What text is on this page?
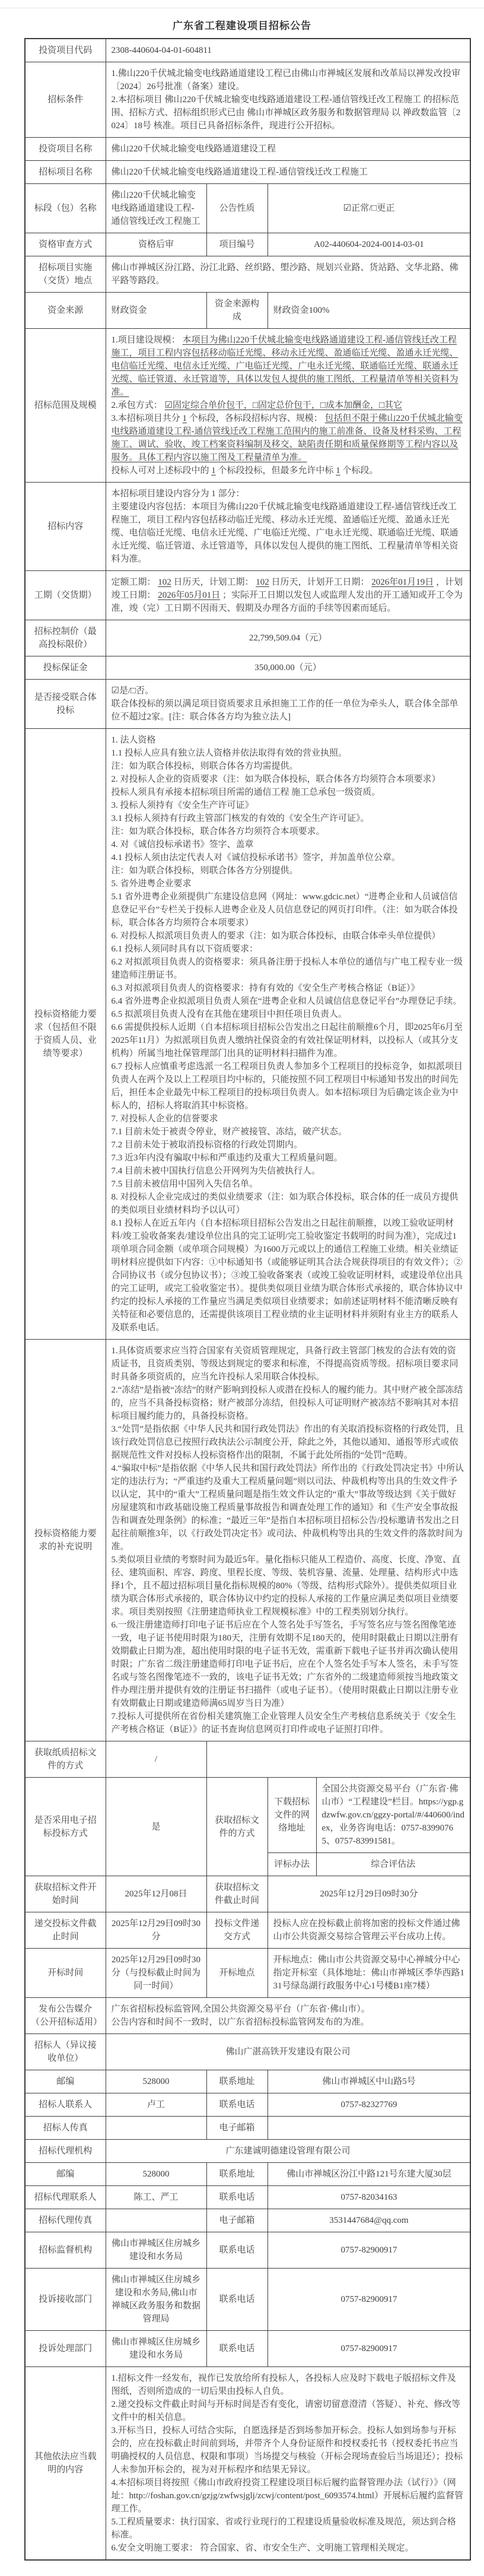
广东省工程建设项目招标公告
投资项目代码	2308-440604-04-01-604811			

招标条件	1.佛山220千伏城北输变电线路通道建设工程已由佛山市禅城区发展和改革局以禅发改投审〔2024〕26号批准（备案）建设。

2.本招标项目 佛山220千伏城北输变电线路通道建设工程-通信管线迁改工程施工 的招标范围、招标方式、招标组织形式已由 佛山市禅城区政务服务和数据管理局 以 禅政数监管〔2024〕18号 核准。项目已具备招标条件，现进行公开招标。			

投资项目名称	佛山220千伏城北输变电线路通道建设工程			

招标项目名称	佛山220千伏城北输变电线路通道建设工程-通信管线迁改工程施工			

标段（包）名称	佛山220千伏城北输变电线路通道建设工程-通信管线迁改工程施工	公告性质	☑正常/□更正	

资格审查方式	资格后审	项目编号	A02-440604-2024-0014-03-01	

招标项目实施（交货）地点	佛山市禅城区汾江路、汾江北路、丝织路、塱沙路、规划兴业路、货站路、文华北路、佛平路等路段。			

资金来源	财政资金	资金来源构成	财政资金100%	

招标范围及规模	1.项目建设规模： 本项目为佛山220千伏城北输变电线路通道建设工程-通信管线迁改工程施工，项目工程内容包括移动临迁光缆、移动永迁光缆、盈通临迁光缆、盈通永迁光缆、电信临迁光缆、电信永迁光缆、广电临迁光缆、广电永迁光缆、联通临迁光缆、联通永迁光缆、临迁管道、永迁管道等，具体以发包人提供的施工图纸、工程量清单等相关资料为准。

2.承包方式： ☑固定综合单价包干，□固定总价包干，□成本加酬金，□其它

3.本招标项目共分 1 个标段，各标段招标内容、规模： 包括但不限于佛山220千伏城北输变电线路通道建设工程-通信管线迁改工程施工范围内的施工前准备、设备及材料采购、工程施工、调试、验收、竣工档案资料编制及移交、缺陷责任期和质量保修期等工程内容以及服务。具体工程内容以施工图及工程量清单为准。

投标人可对上述标段中的 1 个标段投标，但最多允许中标 1 个标段。			

招标内容	本招标项目建设内容分为 1 部分：

主要建设内容包括：本项目为佛山220千伏城北输变电线路通道建设工程-通信管线迁改工程施工，项目工程内容包括移动临迁光缆、移动永迁光缆、盈通临迁光缆、盈通永迁光缆、电信临迁光缆、电信永迁光缆、广电临迁光缆、广电永迁光缆、联通临迁光缆、联通永迁光缆、临迁管道、永迁管道等，具体以发包人提供的施工图纸、工程量清单等相关资料为准。			

工期（交货期）	定额工期： 102 日历天，计划工期： 102 日历天，计划开工日期： 2026年01月19日 ，计划竣工日期： 2026年05月01日 ；实际开工日期以发包人或监理人发出的开工通知或开工令为准，竣（完）工日期不因雨天、假期及办理各方面的手续等因素而延后。			

招标控制价（最高投标限价）	22,799,509.04（元）			

投标保证金	350,000.00（元）			

是否接受联合体投标	☑是/□否。

联合体投标的须以满足项目资质要求且承担施工工作的任一单位为牵头人，联合体全部单位不超过2家。[注：联合体各方均为独立法人]			

投标资格能力要求（包括但不限于资质人员、业绩等要求）	

1. 法人资格

1.1 投标人应具有独立法人资格并依法取得有效的营业执照。

注：如为联合体投标，则联合体各方均需提供。

2. 对投标人企业的资质要求（注：如为联合体投标，联合体各方均须符合本项要求）

投标人须具有承接本招标项目所需的通信工程 施工总承包一级资质。

3. 投标人须持有《安全生产许可证》

3.1 投标人须持有行政主管部门核发的有效的《安全生产许可证》。

注：如为联合体投标，联合体各方均须符合本项要求。

4. 对《诚信投标承诺书》签字、盖章

4.1 投标人须由法定代表人对《诚信投标承诺书》签字，并加盖单位公章。

注：如为联合体投标，则联合体各方分别提供。

5. 省外进粤企业要求

5.1 省外进粤企业须提供广东建设信息网（网址：www.gdcic.net）“进粤企业和人员诚信信息登记平台”专栏关于投标人进粤企业及人员信息登记的网页打印件。（注：如为联合体投标，联合体各方均须符合本项要求）

6. 对投标人拟派项目负责人的要求（注：如为联合体投标，由联合体牵头单位提供）

6.1 投标人须同时具有以下资质要求：

6.2 对拟派项目负责人的资格要求：须具备注册于投标人本单位的通信与广电工程专业一级建造师注册证书。

6.3 对拟派项目负责人的资格要求：持有有效的《安全生产考核合格证（B证）》

6.4 省外进粤企业拟派项目负责人须在“进粤企业和人员诚信信息登记平台”办理登记手续。

6.5 拟派项目负责人没有在其他在建项目中担任项目负责人。

6.6 需提供投标人近期（自本招标项目招标公告发出之日起往前顺推6个月，即2025年6月至2025年11月）为拟派项目负责人缴纳社保资金的有效社保证明材料，以投标人（或其分支机构）所属当地社保管理部门出具的证明材料扫描件为准。

6.7 投标人应慎重考虑选派一名工程项目负责人参加多个工程项目的投标竞争，如拟派项目负责人在两个及以上工程项目均中标的，只能按照不同工程项目中标通知书发出的时间先后，担任本企业最先中标工程项目的投标项目负责人。如本招标项目为后确定该企业为中标人的，招标人将取消其中标资格。

7. 对投标人企业的信誉要求

7.1 目前未处于被责令停业，财产被接管、冻结，破产状态。

7.2 目前未处于被取消投标资格的行政处罚期内。

7.3 近3年内没有骗取中标和严重违约及重大工程质量问题。

7.4 目前未被中国执行信息公开网列为失信被执行人。

7.5 目前未被信用中国列入失信名单。

8. 对投标人企业完成过的类似业绩要求（注：如为联合体投标，联合体的任一成员方提供的类似项目业绩材料均予以认可）

8.1 投标人在近五年内（自本招标项目招标公告发出之日起往前顺推，以竣工验收证明材料/竣工验收备案表/建设单位出具的完工证明/完工验收鉴定书载明的时间为准），完成过1项单项合同金额（或单项合同规模）为1600万元或以上的通信工程施工业绩。相关业绩证明材料应提供如下内容：①中标通知书（或能够证明其合法合规获得项目的有效文件）；②合同协议书（或分包协议书）；③竣工验收备案表（或竣工验收证明材料，或建设单位出具的完工证明，或完工验收鉴定书）。提供类似项目业绩为联合体形式承接的，联合体协议中约定的投标人承接的工作量应当满足类似项目业绩要求；如前述证明材料不能清晰反映有关特征和必要信息的，还需提供该项目工程业绩的业主证明材料并须附有业主方的联系人及联系电话。

投标资格能力要求的补充说明	

1.具体资质要求应当符合国家有关资质管理规定，具备行政主管部门核发的合法有效的资质证书，且资质类别、等级达到规定的要求和标准，不得提高资质等级。招标项目要求同时具备多项资质的，应当允许投标人采用联合体投标。

2.“冻结”是指被“冻结”的财产影响到投标人或潜在投标人的履约能力。其中财产被全部冻结的，应当不具备投标资格；财产被部分冻结，但投标人可证明财产被冻结不影响其对本招标项目履约能力的，具备投标资格。

3.“处罚”是指依据《中华人民共和国行政处罚法》作出的有关取消投标资格的行政处罚，且该行政处罚信息已按照行政执法公示制度公开，除此之外，其他以通知、通报等形式或依据规范性文件对投标人投标资格作出的限制，不属于此处所指的“处罚”范畴。

4.“骗取中标”是指依据《中华人民共和国行政处罚法》所作出的《行政处罚决定书》中所认定的违法行为；“严重违约及重大工程质量问题”则以司法、仲裁机构等出具的生效文件予以认定，其中的“重大”工程质量问题是指生效文件认定的“重大”事故等级达到《关于做好房屋建筑和市政基础设施工程质量事故报告和调查处理工作的通知》和《生产安全事故报告和调查处理条例》的标准；“最近三年”是指自本招标项目招标公告/投标邀请书发出之日起往前顺推3年，以《行政处罚决定书》或司法、仲裁机构等出具的生效文件的落款时间为准。

5.类似项目业绩的考察时间为最近5年。量化指标只能从工程造价、高度、长度、净宽、直径、建筑面积、库容、跨度、里程长度、等级、装机容量、流量、处理量、结构形式中选择1个，且不超过招标项目量化指标规模的80%（等级、结构形式除外）。提供类似项目业绩为联合体形式承接的，联合体协议中约定的投标人承接的工作量应满足类似项目业绩要求。项目类别按照《注册建造师执业工程规模标准》中的工程类别划分执行。

6.一级注册建造师打印电子证书后应在个人签名处手写签名，手写签名应与签名图像笔迹一致，电子证书使用时限为180天，注册有效期不足180天的，使用时限截止日期以注册有效期截止日期为准，超出使用时限的电子证书无效，需重新下载电子证书并再次确认使用时限；广东省二级注册建造师打印电子证书后，应在个人签名处手写本人签名，未手写签名或与签名图像笔迹不一致的，该电子证书无效；广东省外的二级建造师须按当地政策文件办理注册并提供有效的注册证书扫描件（或电子证书）。（使用时限截止日期以注册专业有效期截止日期或建造师满65周岁当日为准）

7.投标人可提供所在省份相关建筑施工企业管理人员安全生产考核信息系统关于《安全生产考核合格证（B证）》的证书查询信息网页打印件或电子证照打印件。

获取纸质招标文件的方式	/			

是否采用电子招标投标方式	是	获取招标文件的方式	下载招标文件的网络地址	全国公共资源交易平台（广东省·佛山市）“工程建设”栏目。https://ygp.gdzwfw.gov.cn/ggzy-portal/#/440600/index，业务咨询电话：0757-83990765、0757-83991581。

			评标办法	综合评估法

获取招标文件开始时间	2025年12月08日	获取招标文件截止时间	2025年12月29日09时30分	

递交投标文件截止时间	2025年12月29日09时30分	投标文件递交方式	投标人应在投标截止前将加密的投标文件通过佛山市公共资源交易综合管理云平台成功上传。	

开标时间	2025年12月29日09时30分（与投标截止时间为同一时间）	开标地点	开标地点：佛山市公共资源交易中心禅城分中心指定开标室（具体地址：佛山市禅城区季华西路131号绿岛湖行政服务中心1号楼B1座7楼）	

发布公告媒介（公开招标适用）	广东省招标投标监管网,全国公共资源交易平台（广东省·佛山市）。

公告内容和时间不一致时，以广东省招标投标监管网发布的为准。			

招标人（异议接收单位）	佛山广湛高铁开发建设有限公司			

邮编	528000	联系地址	佛山市禅城区中山路5号	

招标人联系人	卢工	联系电话	0757-82327769	

招标人传真		电子邮箱		

招标代理机构	广东建诚明德建设管理有限公司			

邮编	528000	联系地址	佛山市禅城区汾江中路121号东建大厦30层	

招标代理联系人	陈工、严工	联系电话	0757-82034163	

招标代理传真		电子邮箱	3531447684@qq.com	

招标监督机构	佛山市禅城区住房城乡建设和水务局	联系电话	0757-82900917	

投诉接收部门	佛山市禅城区住房城乡建设和水务局,佛山市禅城区政务服务和数据管理局	联系电话	0757-82900917	

投诉处理部门	佛山市禅城区住房城乡建设和水务局	联系电话	0757-82900917	

其他依法应当载明的内容	

1.招标文件一经发布，视作已发放给所有投标人，各投标人应及时下载电子版招标文件及图纸，否则所造成的一切后果由投标人自负。

2.递交投标文件截止时间与开标时间是否有变化，请密切留意澄清（答疑）、补充、修改等文件中的相关信息。

3.开标当日，投标人可结合实际，自愿选择是否到场参加开标会。投标人如到场参与开标会的，应在投标截止时间前到场，并带齐个人身份证原件和授权委托书（授权委托书应当明确授权的人员信息、权限和事项）当场提交与核验（开标会现场查验后当场退还）；投标人未参加开标会的，视为对开标程序和结果无异议。

4.本招标项目将按照《佛山市政府投资工程建设项目标后履约监督管理办法（试行）》（网址：http://foshan.gov.cn/gzjg/zwfwsjglj/zcwj/content/post_6093574.html）开展标后履约监督管理工作。

5.工程质量要求：执行国家、省或行业现行的工程建设质量验收标准及规范，须达到合格标准。

6.安全文明施工要求： 符合国家、省、市安全生产、文明施工管理相关规定。
